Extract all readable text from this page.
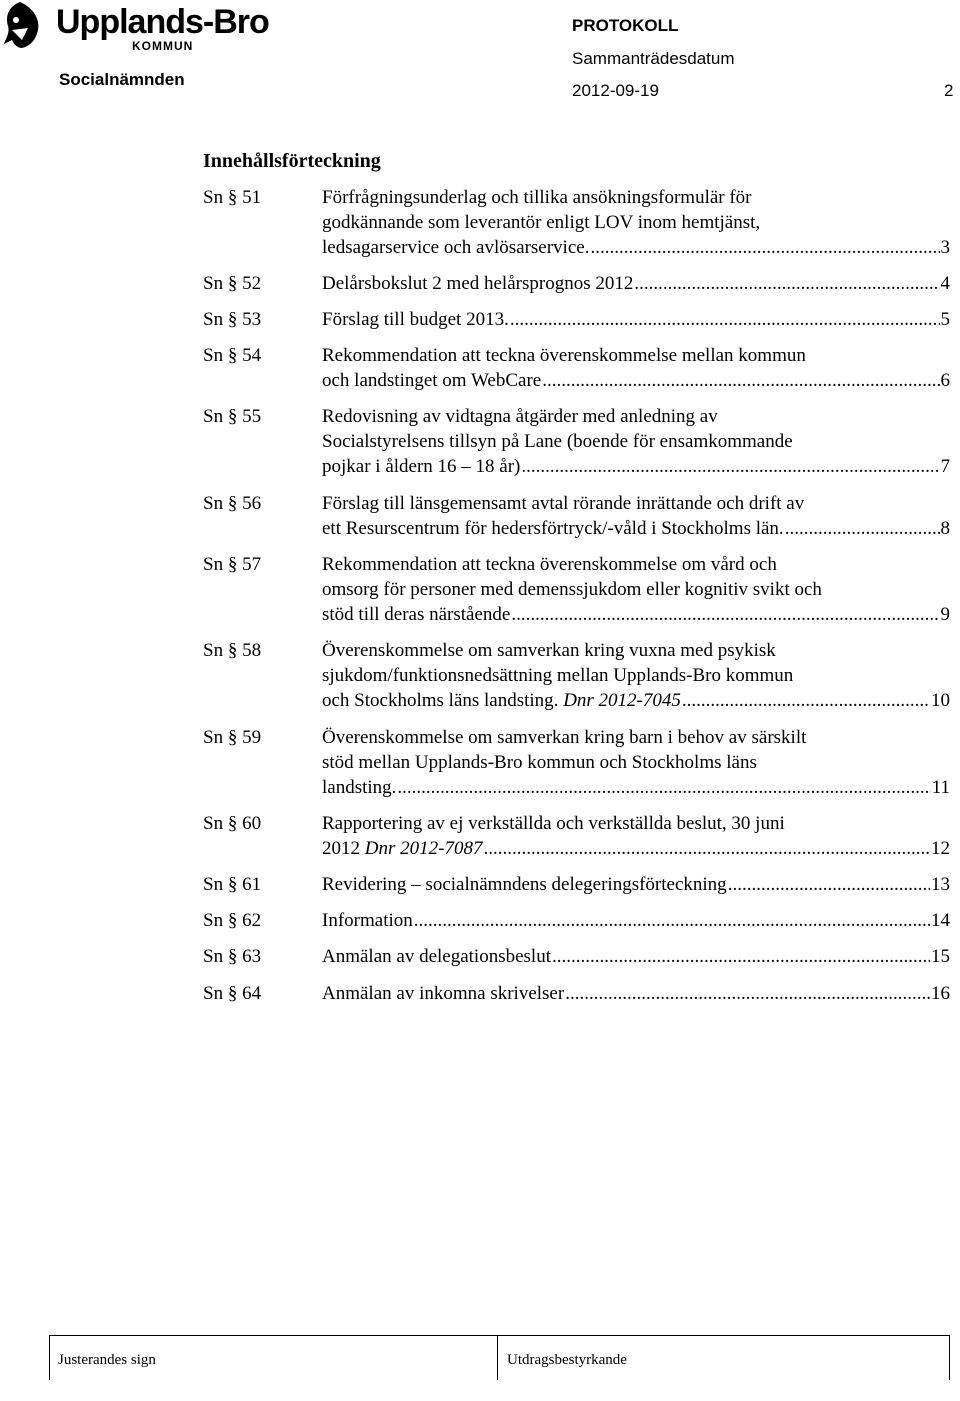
Upplands-Bro
KOMMUN
Socialnämnden
PROTOKOLL
Sammanträdesdatum
2012-09-19	2
Innehållsförteckning
Sn § 51	Förfrågningsunderlag och tillika ansökningsformulär för
godkännande som leverantör enligt LOV inom hemtjänst,
ledsagarservice och avlösarservice. .....	3
Sn § 52	Delårsbokslut 2 med helårsprognos 2012 .....	4
Sn § 53	Förslag till budget 2013. .....	5
Sn § 54	Rekommendation att teckna överenskommelse mellan kommun
och landstinget om WebCare .....	6
Sn § 55	Redovisning av vidtagna åtgärder med anledning av
Socialstyrelsens tillsyn på Lane (boende för ensamkommande
pojkar i åldern 16 – 18 år) .....	7
Sn § 56	Förslag till länsgemensamt avtal rörande inrättande och drift av
ett Resurscentrum för hedersförtryck/-våld i Stockholms län. .....	8
Sn § 57	Rekommendation att teckna överenskommelse om vård och
omsorg för personer med demenssjukdom eller kognitiv svikt och
stöd till deras närstående .....	9
Sn § 58	Överenskommelse om samverkan kring vuxna med psykisk
sjukdom/funktionsnedsättning mellan Upplands-Bro kommun
och Stockholms läns landsting. Dnr 2012-7045 .....	10
Sn § 59	Överenskommelse om samverkan kring barn i behov av särskilt
stöd mellan Upplands-Bro kommun och Stockholms läns
landsting. .....	11
Sn § 60	Rapportering av ej verkställda och verkställda beslut, 30 juni
2012 Dnr 2012-7087 .....	12
Sn § 61	Revidering – socialnämndens delegeringsförteckning .....	13
Sn § 62	Information .....	14
Sn § 63	Anmälan av delegationsbeslut .....	15
Sn § 64	Anmälan av inkomna skrivelser .....	16
Justerandes sign	Utdragsbestyrkande
